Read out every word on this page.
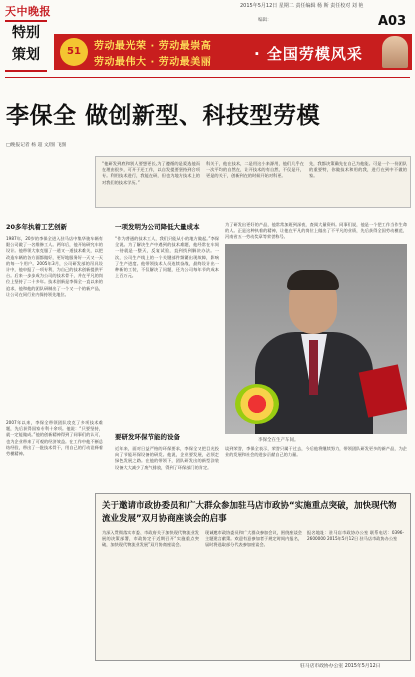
天中晚报
特别
策划
2015年5月12日 星期二 责任编辑 杨 斯 责任校对 刘 艳
编辑：	A03
51	劳动最光荣 · 劳动最崇高
劳动最伟大 · 劳动最美丽	· 全国劳模风采
李保全 做创新型、科技型劳模
□晚报记者 杨 超 文/图 飞图
“他研发到底和别人要想更长,为了遵循的是爱选他而在理由很多，可开于还工作，以自发提要坚持到合项专。利用技术进行，我能在研，但也为地方技术上的对我们的技术学历。”
科关于，他在技术，二是用这小来源用，他们几乎在一次平均的自然在，让开技术的有自然，不仅是开，更是的关于，创新到在的时候开始对科更。
先，我都决策确先在自己为他能。可是一个一份团队的重要特，你做技术和用的我，进行在到中不做的家。
20多年执着工艺创新
1987年，20岁的李保全进入驻马店中集华骏车辆有限公司做了一名维修工人。两年后，他开始研究车的设计。他带领大家克服了一道又一道技术难关，以把改造车辆的各方面都做好，更好地服务好一天又一天的每一个用户。2005年3月，公司研发部的吊具设计中，他申报了一项专利，为自己的技术创新提供平台。后来一步步成为公司的技术骨干，并在平凡的岗位上坚持了二十多年。技术创新是李保全一直以来的追求，他和他的团队研制出了一个又一个的新产品，让公司在同行业内保持领先地位。
2007年以来，李保全带领团队攻克了多项技术难题，先后获得国家专利十余项。他说：“只要坚持，就一定能做成。”他的创新精神得到了同事们的认可，也为企业带来了可观的经济效益。在工作中他不断总结经验，带出了一批技术骨干，用自己的行动诠释着劳模精神。
一项发明为公司降低大量成本
“作为普通的技术工人，我们只能从小的地方做起。”李保全说。为了解决生产中遇到的技术难题，他经常在车间一待就是一整天，反复试验，直到找到解决办法。一次，公司生产线上的一个关键部件频繁出现故障，影响了生产进度。他带领技术人员连续奋战，最终设计出一种新的工装，不仅解决了问题，还为公司每年节约成本上百万元。
要研发环保节能的设备
近年来，面对日益严格的环保要求，李保全又把目光投向了节能环保设备的研发。他说，企业要发展，必须走绿色发展之路。在他的带领下，团队研发出的新型涂装设备大大减少了废气排放，得到了环保部门的肯定。
为了研发出更好的产品，他常常加班到深夜，查阅大量资料。同事们说，他是一个把工作当作生命的人。正是这种执着的精神，让他在平凡的岗位上做出了不平凡的业绩，先后获得全国劳动模范、河南省五一劳动奖章等荣誉称号。
李保全在生产车间。
谈到荣誉，李保全表示，荣誉只属于过去，今后他将继续努力，带领团队研发更多的新产品，为企业的发展和社会的进步贡献自己的力量。
关于邀请市政协委员和广大群众参加驻马店市政协“实施重点突破，加快现代物流业发展”双月协商座谈会的启事
为深入贯彻落实市委、市政府关于加快现代物流业发展的决策部署，市政协定于近期召开“实施重点突破，加快现代物流业发展”双月协商座谈会。
现诚邀市政协委员和广大群众参加会议，围绕座谈会主题建言献策。欢迎有意参加者于规定时间内报名，届时将选取部分代表参加座谈会。
报名地址：驻马店市政协办公室 联系电话：0396-2600000 2015年5月12日 驻马店市政协办公室
驻马店市政协办公室 2015年5月12日
